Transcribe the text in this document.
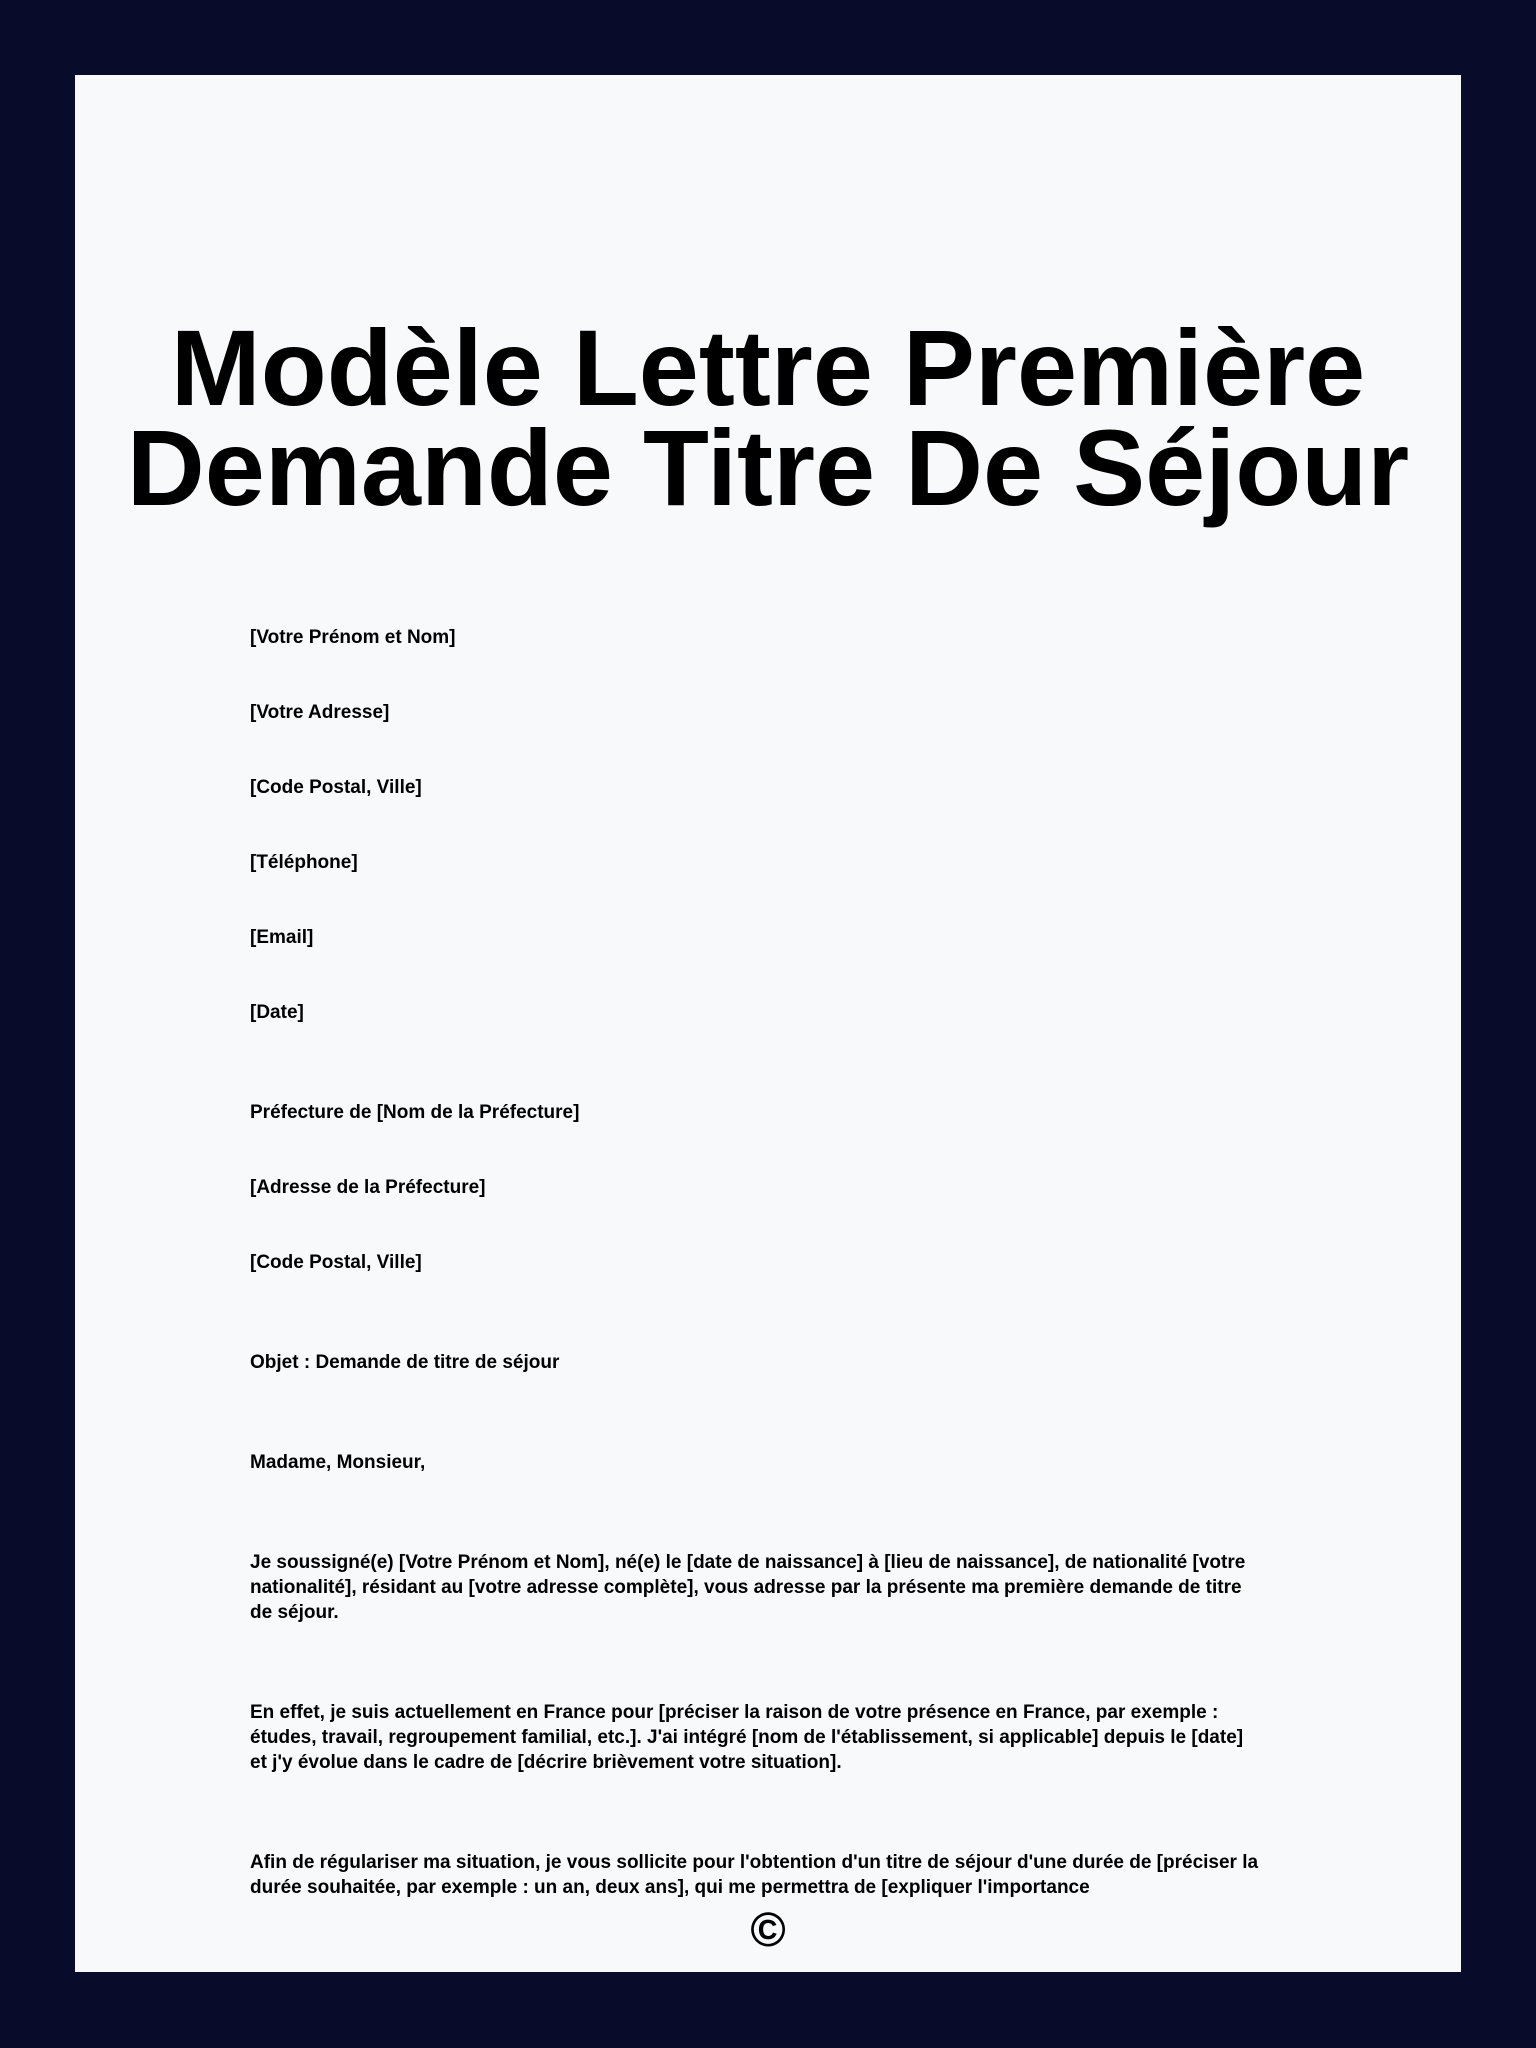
Modèle Lettre Première
Demande Titre De Séjour

[Votre Prénom et Nom]

[Votre Adresse]

[Code Postal, Ville]

[Téléphone]

[Email]

[Date]

Préfecture de [Nom de la Préfecture]

[Adresse de la Préfecture]

[Code Postal, Ville]

Objet : Demande de titre de séjour

Madame, Monsieur,

Je soussigné(e) [Votre Prénom et Nom], né(e) le [date de naissance] à [lieu de naissance], de nationalité [votre nationalité], résidant au [votre adresse complète], vous adresse par la présente ma première demande de titre de séjour.

En effet, je suis actuellement en France pour [préciser la raison de votre présence en France, par exemple : études, travail, regroupement familial, etc.]. J'ai intégré [nom de l'établissement, si applicable] depuis le [date] et j'y évolue dans le cadre de [décrire brièvement votre situation].

Afin de régulariser ma situation, je vous sollicite pour l'obtention d'un titre de séjour d'une durée de [préciser la durée souhaitée, par exemple : un an, deux ans], qui me permettra de [expliquer l'importance

©
